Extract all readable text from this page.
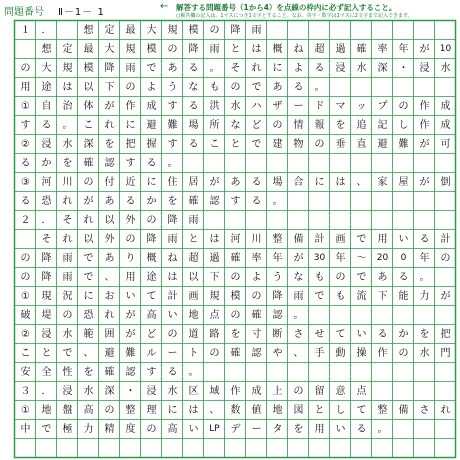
問題番号 Ⅱ－1－ 1
← 解答する問題番号（1から4）を点線の枠内に必ず記入すること。
○解答欄の記入は、1マスにつき1文字とすること。なお、英字・数字は1マスに2文字まで記入できます。
１	．	想	定	最	大	規	模	の	降	雨
想	定	最	大	規	模	の	降	雨	と	は	概	ね	超	過	確	率	年	が	10
の	大	規	模	降	雨	で	あ	る	。	そ	れ	に	よ	る	浸	水	深	・	浸	水
用	途	は	以	下	の	よ	う	な	も	の	で	あ	る	。
①	自	治	体	が	作	成	す	る	洪	水	ハ	ザ	ー	ド	マ	ッ	プ	の	作	成
す	る	。	こ	れ	に	避	難	場	所	な	ど	の	情	報	を	追	記	し	作	成
②	浸	水	深	を	把	握	す	る	こ	と	で	建	物	の	垂	直	避	難	が	可
る	か	を	確	認	す	る	。
③	河	川	の	付	近	に	住	居	が	あ	る	場	合	に	は	、	家	屋	が	倒
る	恐	れ	が	あ	る	か	を	確	認	す	る	。
２	．	そ	れ	以	外	の	降	雨
そ	れ	以	外	の	降	雨	と	は	河	川	整	備	計	画	で	用	い	る	計
の	降	雨	で	あ	り	概	ね	超	過	確	率	年	が	30	年	〜	20	0	年	の
の	降	雨	で	、	用	途	は	以	下	の	よ	う	な	も	の	で	あ	る	。
①	現	況	に	お	い	て	計	画	規	模	の	降	雨	で	も	流	下	能	力	が
破	堤	の	恐	れ	が	高	い	地	点	の	確	認	。
②	浸	水	範	囲	が	ど	の	道	路	を	寸	断	さ	せ	て	い	る	か	を	把
こ	と	で	、	避	難	ル	ー	ト	の	確	認	や	、	手	動	操	作	の	水	門
安	全	性	を	確	認	す	る	。
３	．	浸	水	深	・	浸	水	区	域	作	成	上	の	留	意	点
①	地	盤	高	の	整	理	に	は	、	数	値	地	図	と	し	て	整	備	さ	れ
中	で	極	力	精	度	の	高	い	LP	デ	ー	タ	を	用	い	る	。
